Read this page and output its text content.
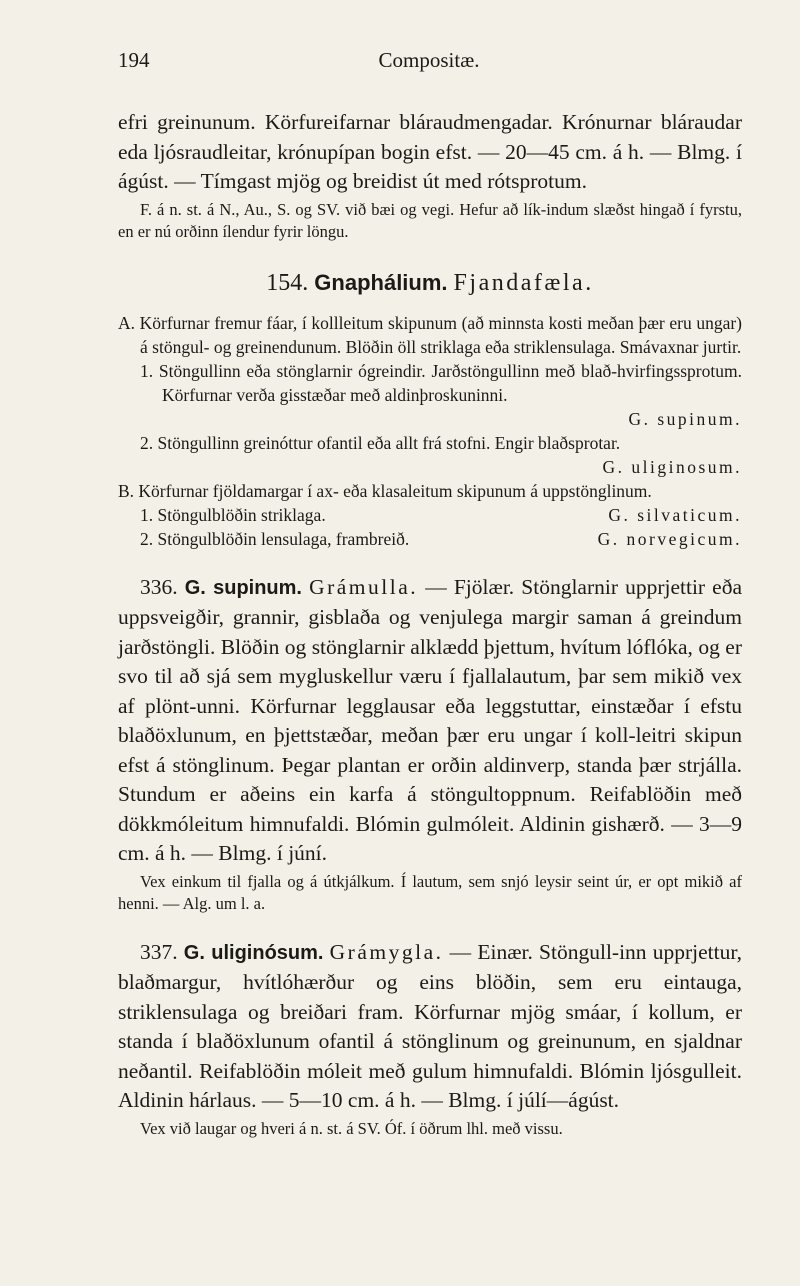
194	Compositæ.

efri greinunum. Körfureifarnar bláraudmengadar. Krónurnar bláraudar eda ljósraudleitar, krónupípan bogin efst. — 20—45 cm. á h. — Blmg. í ágúst. — Tímgast mjög og breidist út med rótsprotum.

F. á n. st. á N., Au., S. og SV. við bæi og vegi. Hefur að lík-indum slæðst hingað í fyrstu, en er nú orðinn ílendur fyrir löngu.

154. Gnaphálium. Fjandafæla.

A. Körfurnar fremur fáar, í kollleitum skipunum (að minnsta kosti meðan þær eru ungar) á stöngul- og greinendunum. Blöðin öll striklaga eða striklensulaga. Smávaxnar jurtir.

1. Stöngullinn eða stönglarnir ógreindir. Jarðstöngullinn með blað-hvirfingssprotum. Körfurnar verða gisstæðar með aldinþroskuninni.

G. supinum.

2. Stöngullinn greinóttur ofantil eða allt frá stofni. Engir blaðsprotar.

G. uliginosum.

B. Körfurnar fjöldamargar í ax- eða klasaleitum skipunum á uppstönglinum.

1. Stöngulblöðin striklaga.	G. silvaticum.
2. Stöngulblöðin lensulaga, frambreið.	G. norvegicum.

336. G. supinum. Grámulla. — Fjölær. Stönglarnir upprjettir eða uppsveigðir, grannir, gisblaða og venjulega margir saman á greindum jarðstöngli. Blöðin og stönglarnir alklædd þjettum, hvítum lóflóka, og er svo til að sjá sem mygluskellur væru í fjallalautum, þar sem mikið vex af plönt-unni. Körfurnar legglausar eða leggstuttar, einstæðar í efstu blaðöxlunum, en þjettstæðar, meðan þær eru ungar í koll-leitri skipun efst á stönglinum. Þegar plantan er orðin aldinverp, standa þær strjálla. Stundum er aðeins ein karfa á stöngultoppnum. Reifablöðin með dökkmóleitum himnufaldi. Blómin gulmóleit. Aldinin gishærð. — 3—9 cm. á h. — Blmg. í júní.

Vex einkum til fjalla og á útkjálkum. Í lautum, sem snjó leysir seint úr, er opt mikið af henni. — Alg. um l. a.

337. G. uliginósum. Grámygla. — Einær. Stöngull-inn upprjettur, blaðmargur, hvítlóhærður og eins blöðin, sem eru eintauga, striklensulaga og breiðari fram. Körfurnar mjög smáar, í kollum, er standa í blaðöxlunum ofantil á stönglinum og greinunum, en sjaldnar neðantil. Reifablöðin móleit með gulum himnufaldi. Blómin ljósgulleit. Aldinin hárlaus. — 5—10 cm. á h. — Blmg. í júlí—ágúst.

Vex við laugar og hveri á n. st. á SV. Óf. í öðrum lhl. með vissu.
